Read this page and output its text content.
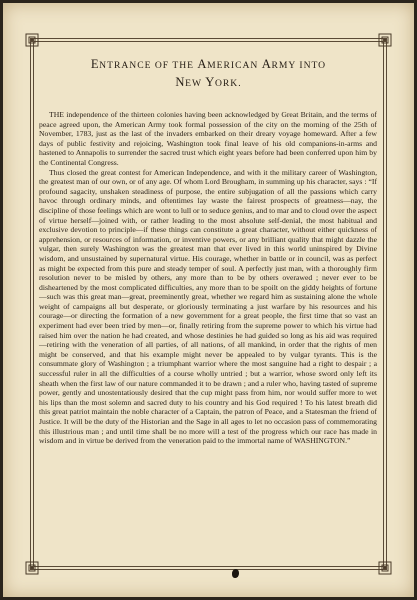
ENTRANCE OF THE AMERICAN ARMY INTO
NEW YORK.

THE independence of the thirteen colonies having been acknowledged by Great Britain, and the terms of peace agreed upon, the American Army took formal possession of the city on the morning of the 25th of November, 1783, just as the last of the invaders embarked on their dreary voyage homeward. After a few days of public festivity and rejoicing, Washington took final leave of his old companions-in-arms and hastened to Annapolis to surrender the sacred trust which eight years before had been conferred upon him by the Continental Congress.

Thus closed the great contest for American Independence, and with it the military career of Washington, the greatest man of our own, or of any age. Of whom Lord Brougham, in summing up his character, says : “If profound sagacity, unshaken steadiness of purpose, the entire subjugation of all the passions which carry havoc through ordinary minds, and oftentimes lay waste the fairest prospects of greatness—nay, the discipline of those feelings which are wont to lull or to seduce genius, and to mar and to cloud over the aspect of virtue herself—joined with, or rather leading to the most absolute self-denial, the most habitual and exclusive devotion to principle—if these things can constitute a great character, without either quickness of apprehension, or resources of information, or inventive powers, or any brilliant quality that might dazzle the vulgar, then surely Washington was the greatest man that ever lived in this world uninspired by Divine wisdom, and unsustained by supernatural virtue. His courage, whether in battle or in council, was as perfect as might be expected from this pure and steady temper of soul. A perfectly just man, with a thoroughly firm resolution never to be misled by others, any more than to be by others overawed ; never ever to be disheartened by the most complicated difficulties, any more than to be spoilt on the giddy heights of fortune—such was this great man—great, preeminently great, whether we regard him as sustaining alone the whole weight of campaigns all but desperate, or gloriously terminating a just warfare by his resources and his courage—or directing the formation of a new government for a great people, the first time that so vast an experiment had ever been tried by men—or, finally retiring from the supreme power to which his virtue had raised him over the nation he had created, and whose destinies he had guided so long as his aid was required—retiring with the veneration of all parties, of all nations, of all mankind, in order that the rights of men might be conserved, and that his example might never be appealed to by vulgar tyrants. This is the consummate glory of Washington ; a triumphant warrior where the most sanguine had a right to despair ; a successful ruler in all the difficulties of a course wholly untried ; but a warrior, whose sword only left its sheath when the first law of our nature commanded it to be drawn ; and a ruler who, having tasted of supreme power, gently and unostentatiously desired that the cup might pass from him, nor would suffer more to wet his lips than the most solemn and sacred duty to his country and his God required ! To his latest breath did this great patriot maintain the noble character of a Captain, the patron of Peace, and a Statesman the friend of Justice. It will be the duty of the Historian and the Sage in all ages to let no occasion pass of commemorating this illustrious man ; and until time shall be no more will a test of the progress which our race has made in wisdom and in virtue be derived from the veneration paid to the immortal name of WASHINGTON.”
